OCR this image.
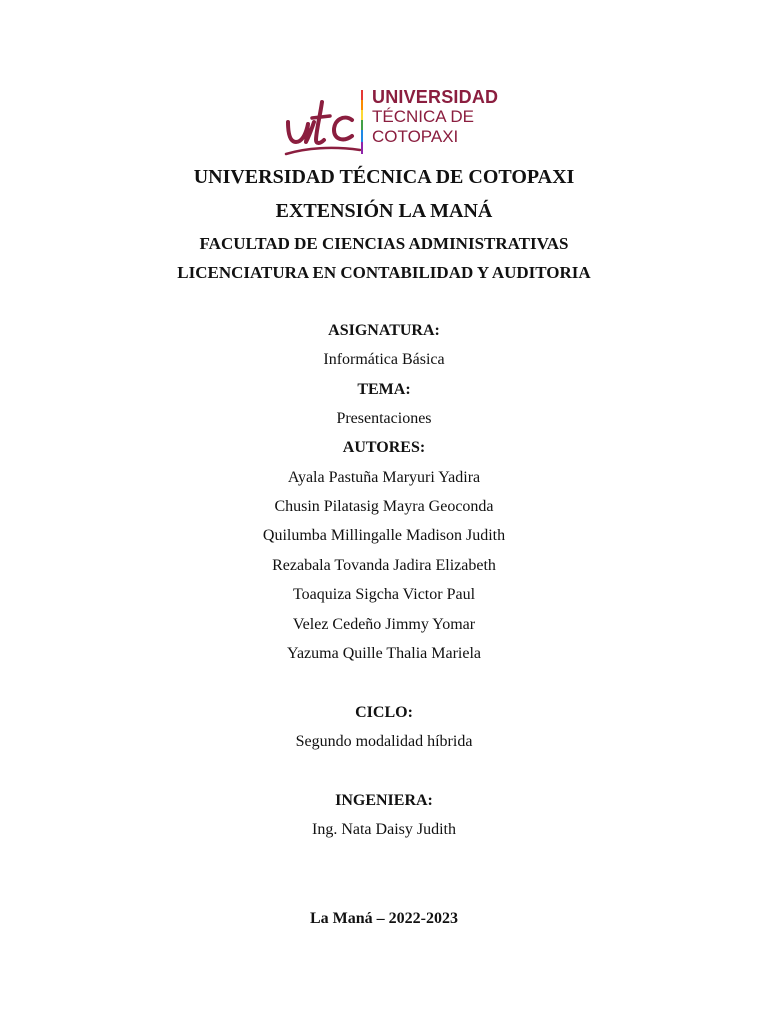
UNIVERSIDAD
TÉCNICA DE
COTOPAXI
UNIVERSIDAD TÉCNICA DE COTOPAXI
EXTENSIÓN LA MANÁ
FACULTAD DE CIENCIAS ADMINISTRATIVAS
LICENCIATURA EN CONTABILIDAD Y AUDITORIA
ASIGNATURA:
Informática Básica
TEMA:
Presentaciones
AUTORES:
Ayala Pastuña Maryuri Yadira
Chusin Pilatasig Mayra Geoconda
Quilumba Millingalle Madison Judith
Rezabala Tovanda Jadira Elizabeth
Toaquiza Sigcha Victor Paul
Velez Cedeño Jimmy Yomar
Yazuma Quille Thalia Mariela
CICLO:
Segundo modalidad híbrida
INGENIERA:
Ing. Nata Daisy Judith
La Maná – 2022-2023
